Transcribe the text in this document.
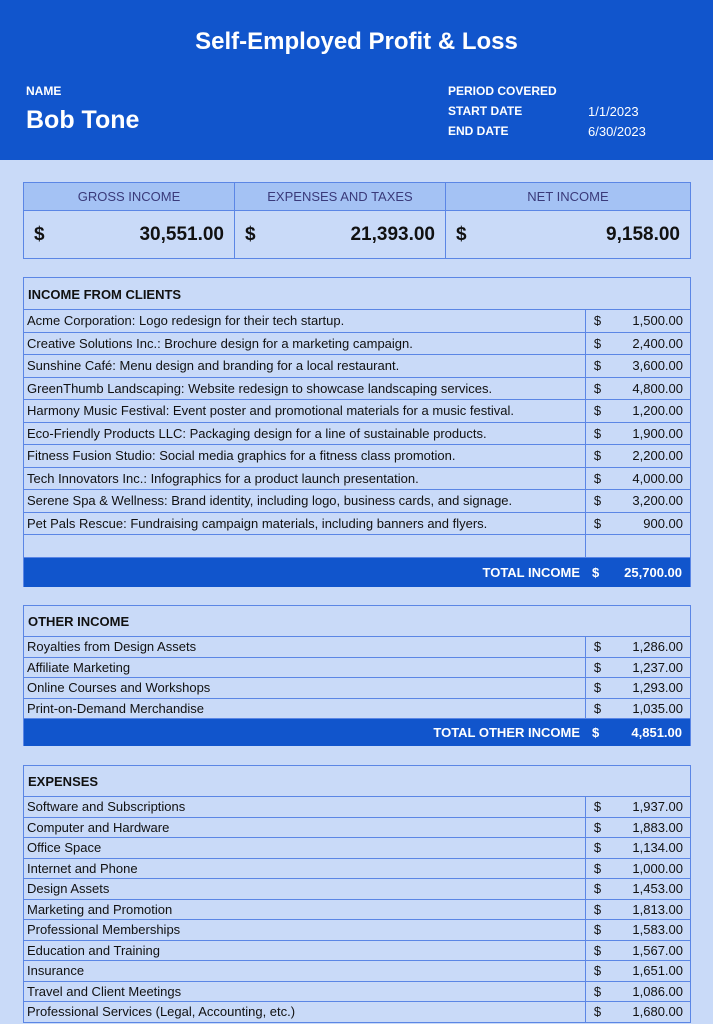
Self-Employed Profit & Loss
NAME
Bob Tone
PERIOD COVERED
START DATE	1/1/2023
END DATE	6/30/2023
GROSS INCOME	EXPENSES AND TAXES	NET INCOME
$	30,551.00 $	21,393.00 $	9,158.00
INCOME FROM CLIENTS
Acme Corporation: Logo redesign for their tech startup.	$	1,500.00
Creative Solutions Inc.: Brochure design for a marketing campaign.	$	2,400.00
Sunshine Café: Menu design and branding for a local restaurant.	$	3,600.00
GreenThumb Landscaping: Website redesign to showcase landscaping services.	$	4,800.00
Harmony Music Festival: Event poster and promotional materials for a music festival.	$	1,200.00
Eco-Friendly Products LLC: Packaging design for a line of sustainable products.	$	1,900.00
Fitness Fusion Studio: Social media graphics for a fitness class promotion.	$	2,200.00
Tech Innovators Inc.: Infographics for a product launch presentation.	$	4,000.00
Serene Spa & Wellness: Brand identity, including logo, business cards, and signage.	$	3,200.00
Pet Pals Rescue: Fundraising campaign materials, including banners and flyers.	$	900.00
TOTAL INCOME $ 25,700.00
OTHER INCOME
Royalties from Design Assets	$	1,286.00
Affiliate Marketing	$	1,237.00
Online Courses and Workshops	$	1,293.00
Print-on-Demand Merchandise	$	1,035.00
TOTAL OTHER INCOME $ 4,851.00
EXPENSES
Software and Subscriptions	$	1,937.00
Computer and Hardware	$	1,883.00
Office Space	$	1,134.00
Internet and Phone	$	1,000.00
Design Assets	$	1,453.00
Marketing and Promotion	$	1,813.00
Professional Memberships	$	1,583.00
Education and Training	$	1,567.00
Insurance	$	1,651.00
Travel and Client Meetings	$	1,086.00
Professional Services (Legal, Accounting, etc.)	$	1,680.00
